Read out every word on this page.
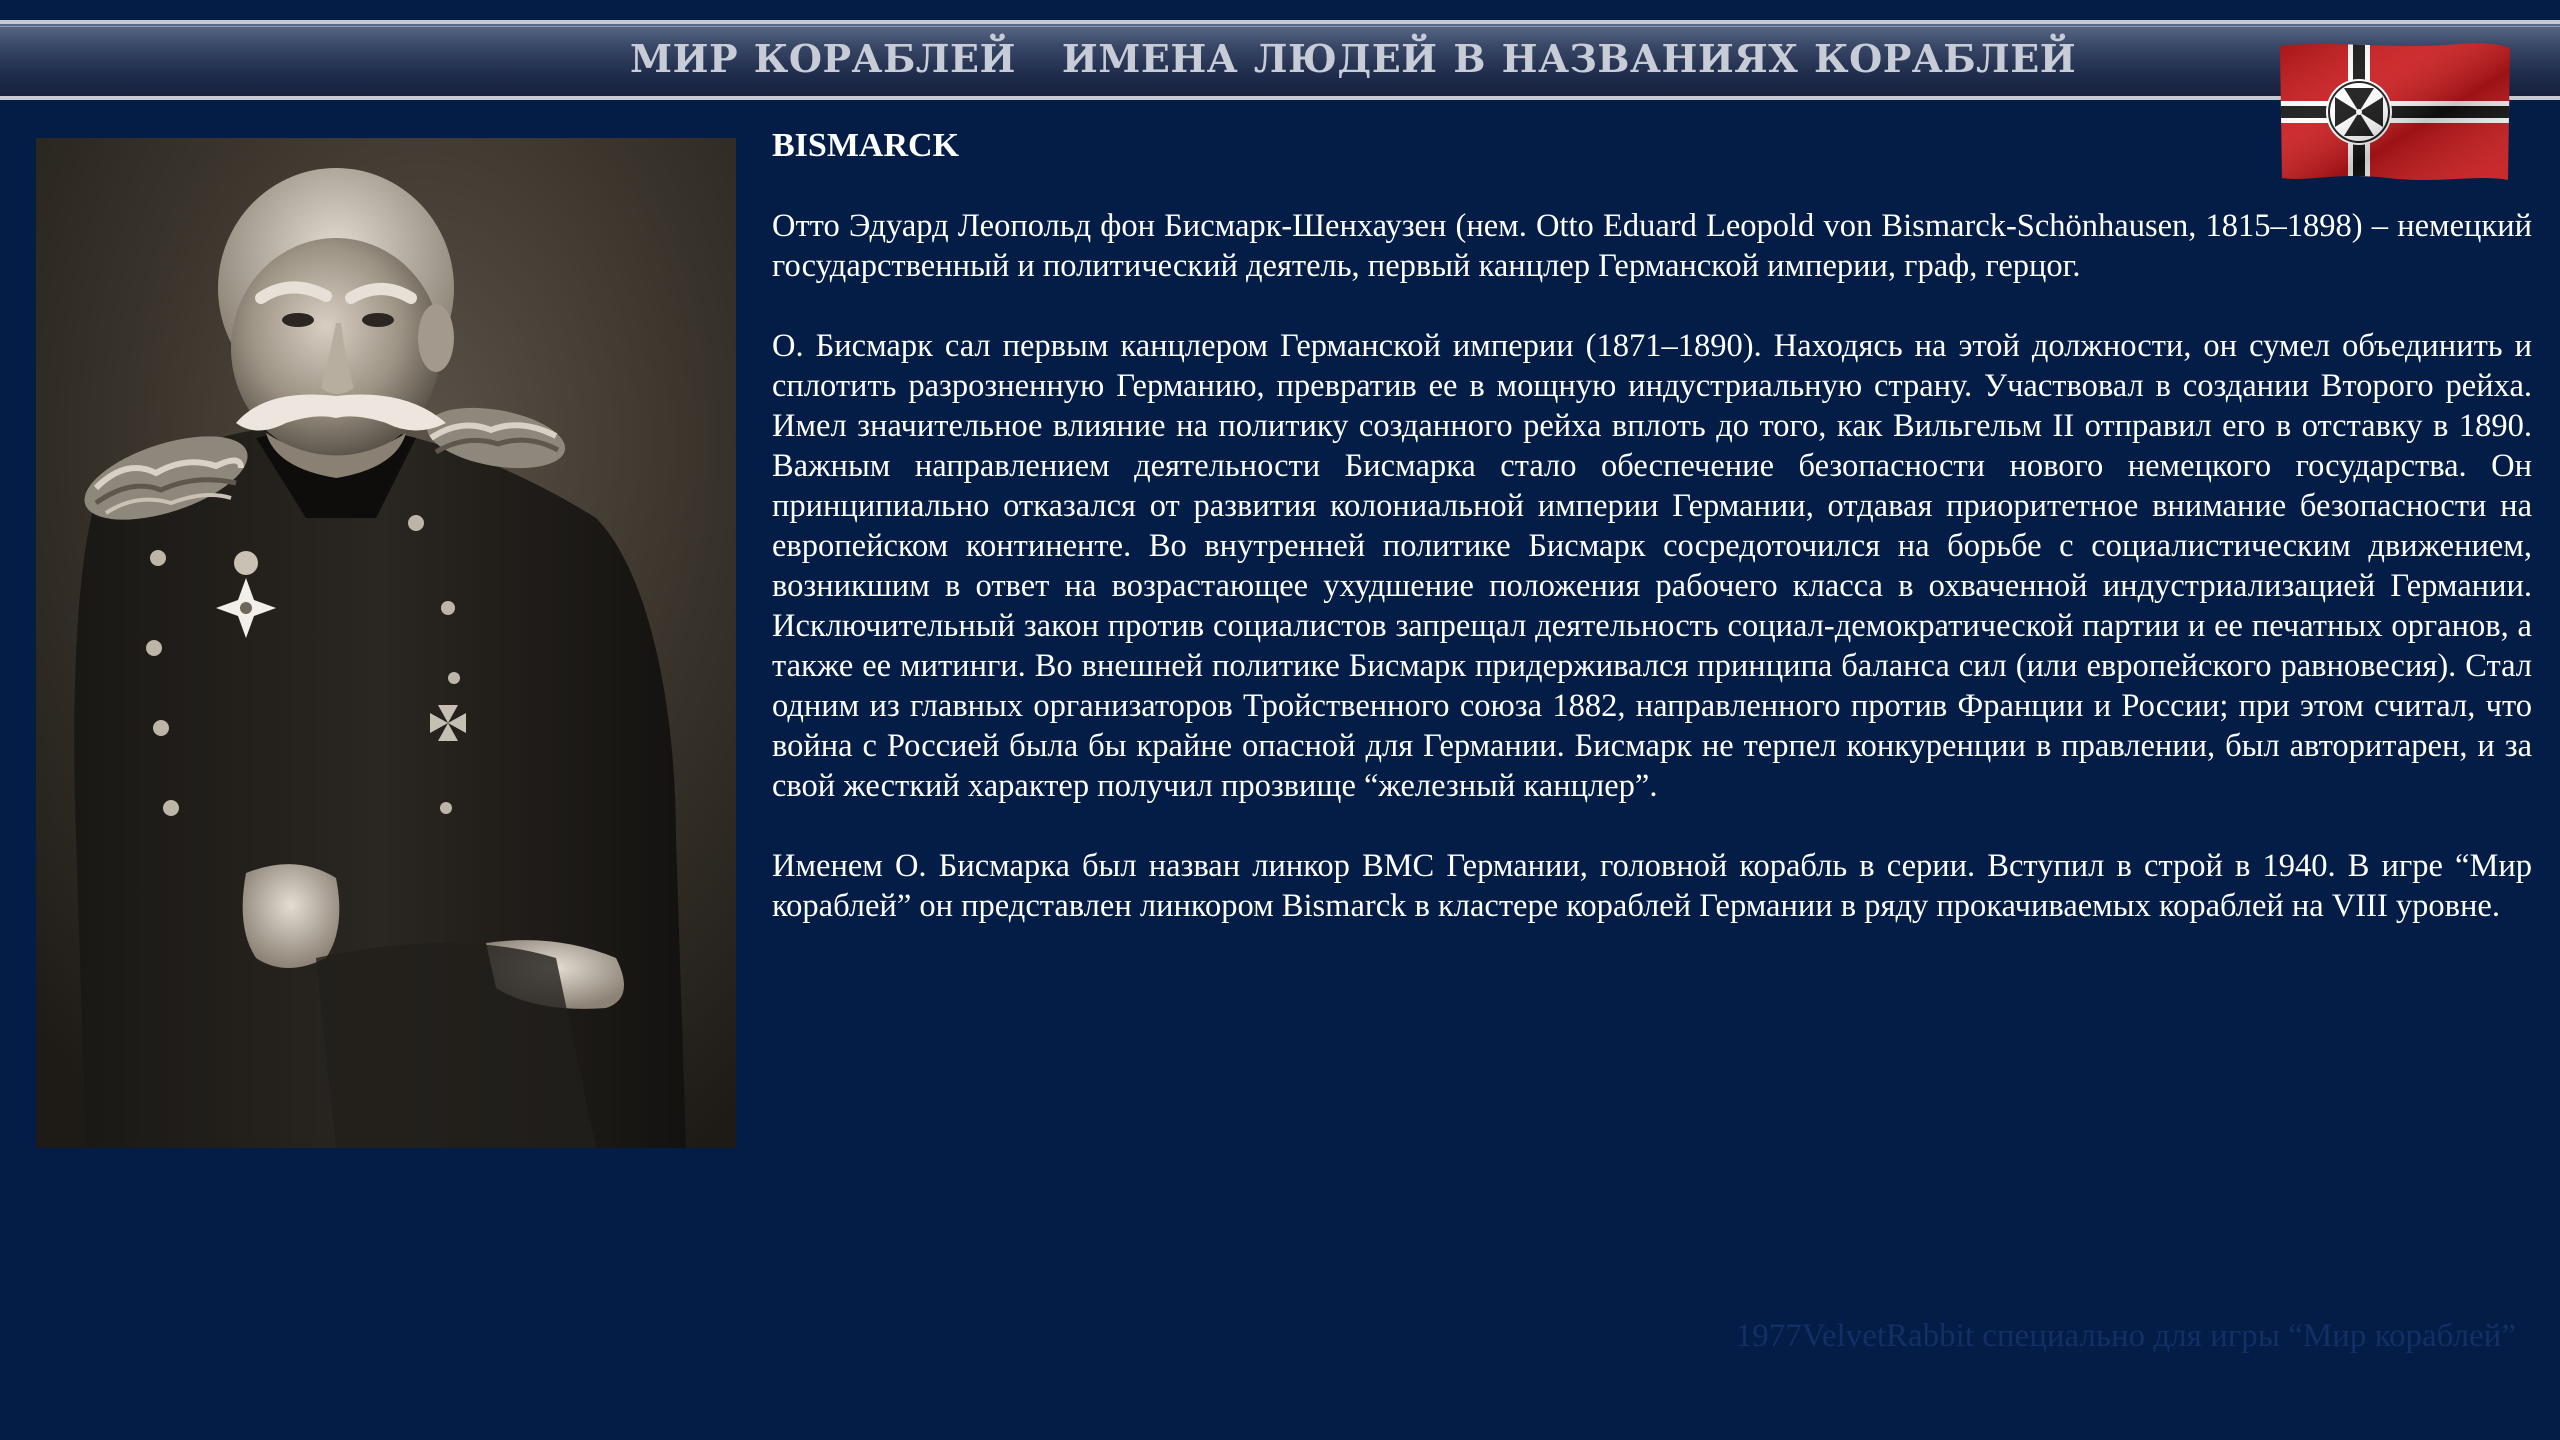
МИР КОРАБЛЕЙ ИМЕНА ЛЮДЕЙ В НАЗВАНИЯХ КОРАБЛЕЙ
BISMARCK

Отто Эдуард Леопольд фон Бисмарк-Шенхаузен (нем. Otto Eduard Leopold von Bismarck-Schönhausen, 1815–1898) – немецкий государственный и политический деятель, первый канцлер Германской империи, граф, герцог.

О. Бисмарк сал первым канцлером Германской империи (1871–1890). Находясь на этой должности, он сумел объединить и сплотить разрозненную Германию, превратив ее в мощную индустриальную страну. Участвовал в создании Второго рейха. Имел значительное влияние на политику созданного рейха вплоть до того, как Вильгельм II отправил его в отставку в 1890. Важным направлением деятельности Бисмарка стало обеспечение безопасности нового немецкого государства. Он принципиально отказался от развития колониальной империи Германии, отдавая приоритетное внимание безопасности на европейском континенте. Во внутренней политике Бисмарк сосредоточился на борьбе с социалистическим движением, возникшим в ответ на возрастающее ухудшение положения рабочего класса в охваченной индустриализацией Германии. Исключительный закон против социалистов запрещал деятельность социал-демократической партии и ее печатных органов, а также ее митинги. Во внешней политике Бисмарк придерживался принципа баланса сил (или европейского равновесия). Стал одним из главных организаторов Тройственного союза 1882, направленного против Франции и России; при этом считал, что война с Россией была бы крайне опасной для Германии. Бисмарк не терпел конкуренции в правлении, был авторитарен, и за свой жесткий характер получил прозвище “железный канцлер”.

Именем О. Бисмарка был назван линкор ВМС Германии, головной корабль в серии. Вступил в строй в 1940. В игре “Мир кораблей” он представлен линкором Bismarck в кластере кораблей Германии в ряду прокачиваемых кораблей на VIII уровне.

1977VelvetRabbit специально для игры “Мир кораблей”
